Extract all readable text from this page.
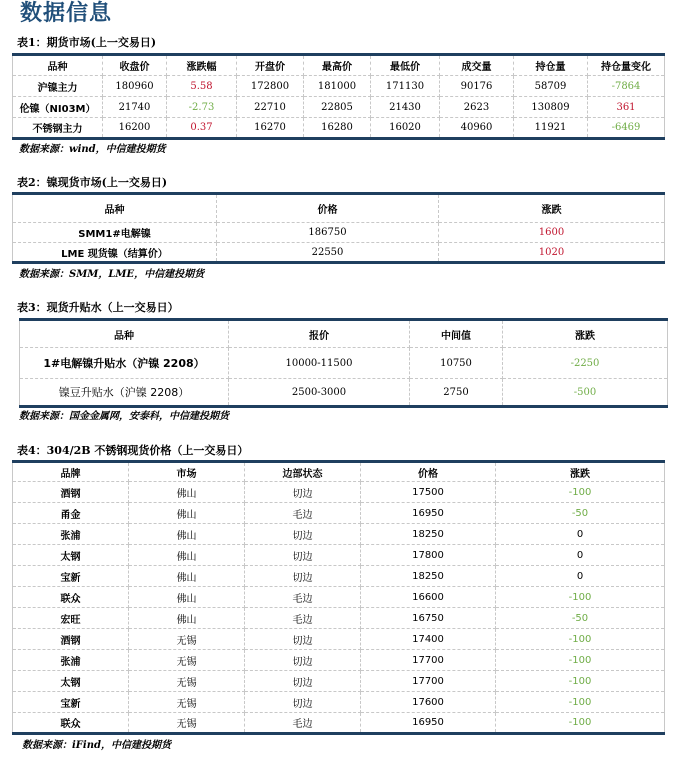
数据信息
表1：期货市场(上一交易日)
品种	收盘价	涨跌幅	开盘价	最高价	最低价	成交量	持仓量	持仓量变化
沪镍主力	180960	5.58	172800	181000	171130	90176	58709	-7864
伦镍（NI03M）	21740	-2.73	22710	22805	21430	2623	130809	361
不锈钢主力	16200	0.37	16270	16280	16020	40960	11921	-6469
数据来源：wind，中信建投期货
表2：镍现货市场(上一交易日)
品种	价格	涨跌
SMM1#电解镍	186750	1600
LME 现货镍（结算价）	22550	1020
数据来源：SMM，LME，中信建投期货
表3：现货升贴水（上一交易日）
品种	报价	中间值	涨跌
1#电解镍升贴水（沪镍 2208）	10000-11500	10750	-2250
镍豆升贴水（沪镍 2208）	2500-3000	2750	-500
数据来源：国金金属网，安泰科，中信建投期货
表4：304/2B 不锈钢现货价格（上一交易日）
品牌	市场	边部状态	价格	涨跌
酒钢	佛山	切边	17500	-100
甬金	佛山	毛边	16950	-50
张浦	佛山	切边	18250	0
太钢	佛山	切边	17800	0
宝新	佛山	切边	18250	0
联众	佛山	毛边	16600	-100
宏旺	佛山	毛边	16750	-50
酒钢	无锡	切边	17400	-100
张浦	无锡	切边	17700	-100
太钢	无锡	切边	17700	-100
宝新	无锡	切边	17600	-100
联众	无锡	毛边	16950	-100
数据来源：iFind，中信建投期货
